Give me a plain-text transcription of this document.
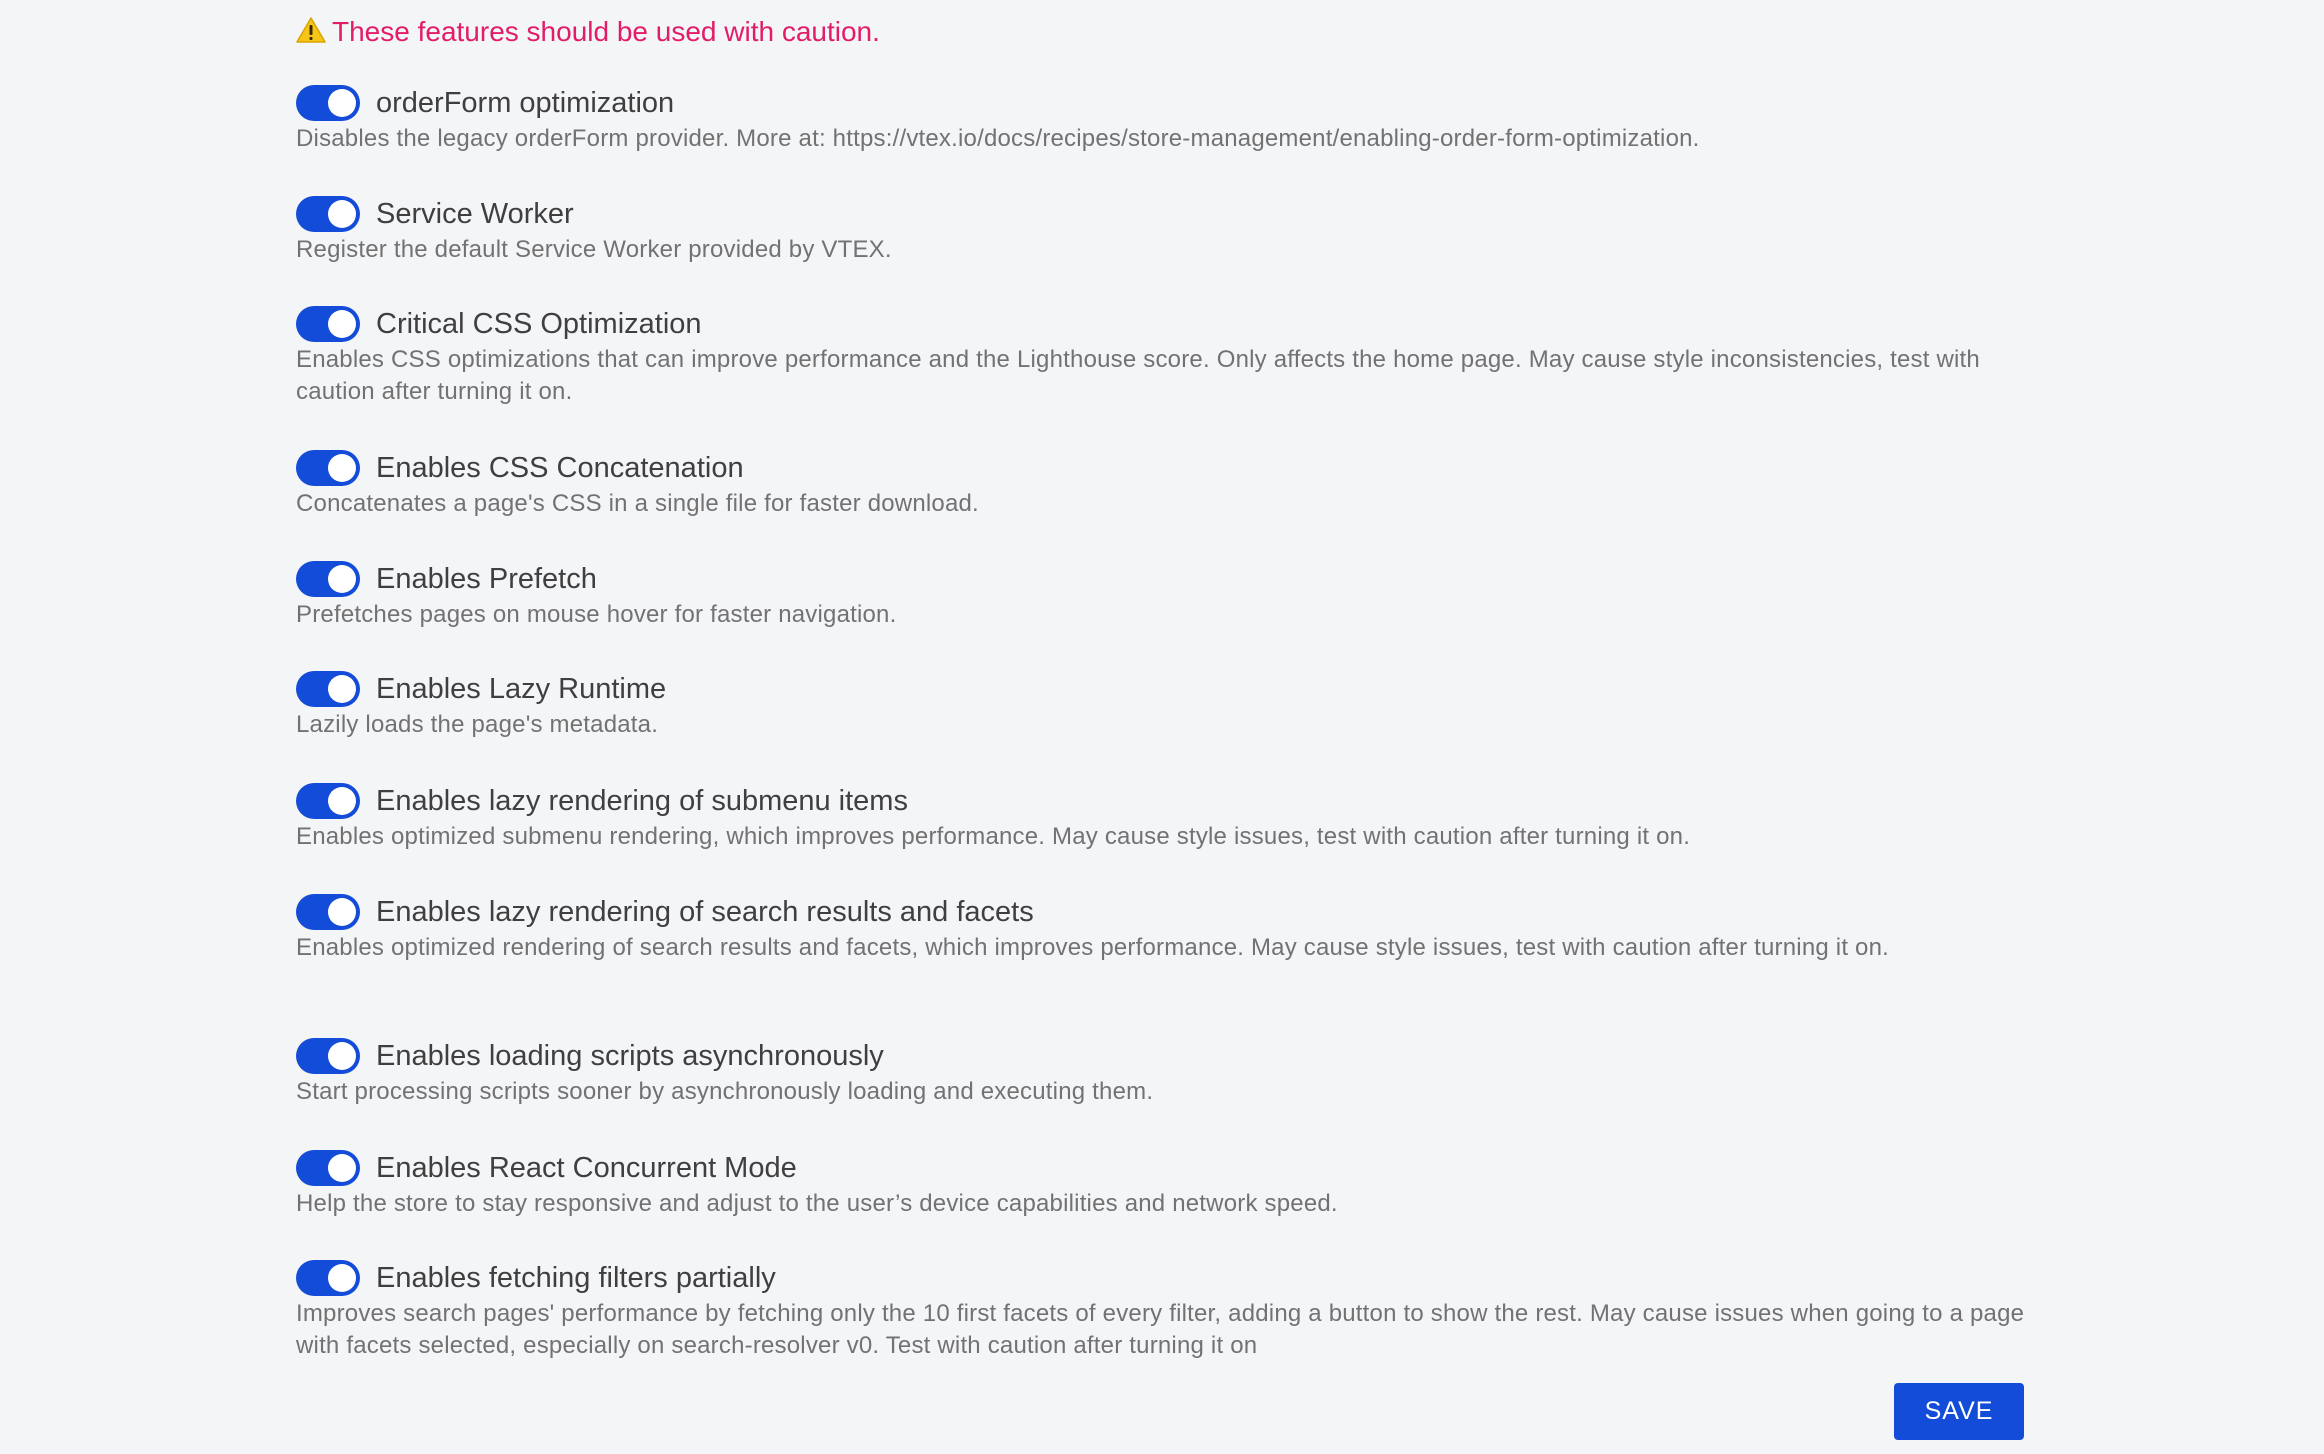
These features should be used with caution.
orderForm optimization
Disables the legacy orderForm provider. More at: https://vtex.io/docs/recipes/store-management/enabling-order-form-optimization.
Service Worker
Register the default Service Worker provided by VTEX.
Critical CSS Optimization
Enables CSS optimizations that can improve performance and the Lighthouse score. Only affects the home page. May cause style inconsistencies, test with caution after turning it on.
Enables CSS Concatenation
Concatenates a page's CSS in a single file for faster download.
Enables Prefetch
Prefetches pages on mouse hover for faster navigation.
Enables Lazy Runtime
Lazily loads the page's metadata.
Enables lazy rendering of submenu items
Enables optimized submenu rendering, which improves performance. May cause style issues, test with caution after turning it on.
Enables lazy rendering of search results and facets
Enables optimized rendering of search results and facets, which improves performance. May cause style issues, test with caution after turning it on.
Enables loading scripts asynchronously
Start processing scripts sooner by asynchronously loading and executing them.
Enables React Concurrent Mode
Help the store to stay responsive and adjust to the user’s device capabilities and network speed.
Enables fetching filters partially
Improves search pages' performance by fetching only the 10 first facets of every filter, adding a button to show the rest. May cause issues when going to a page with facets selected, especially on search-resolver v0. Test with caution after turning it on
SAVE
